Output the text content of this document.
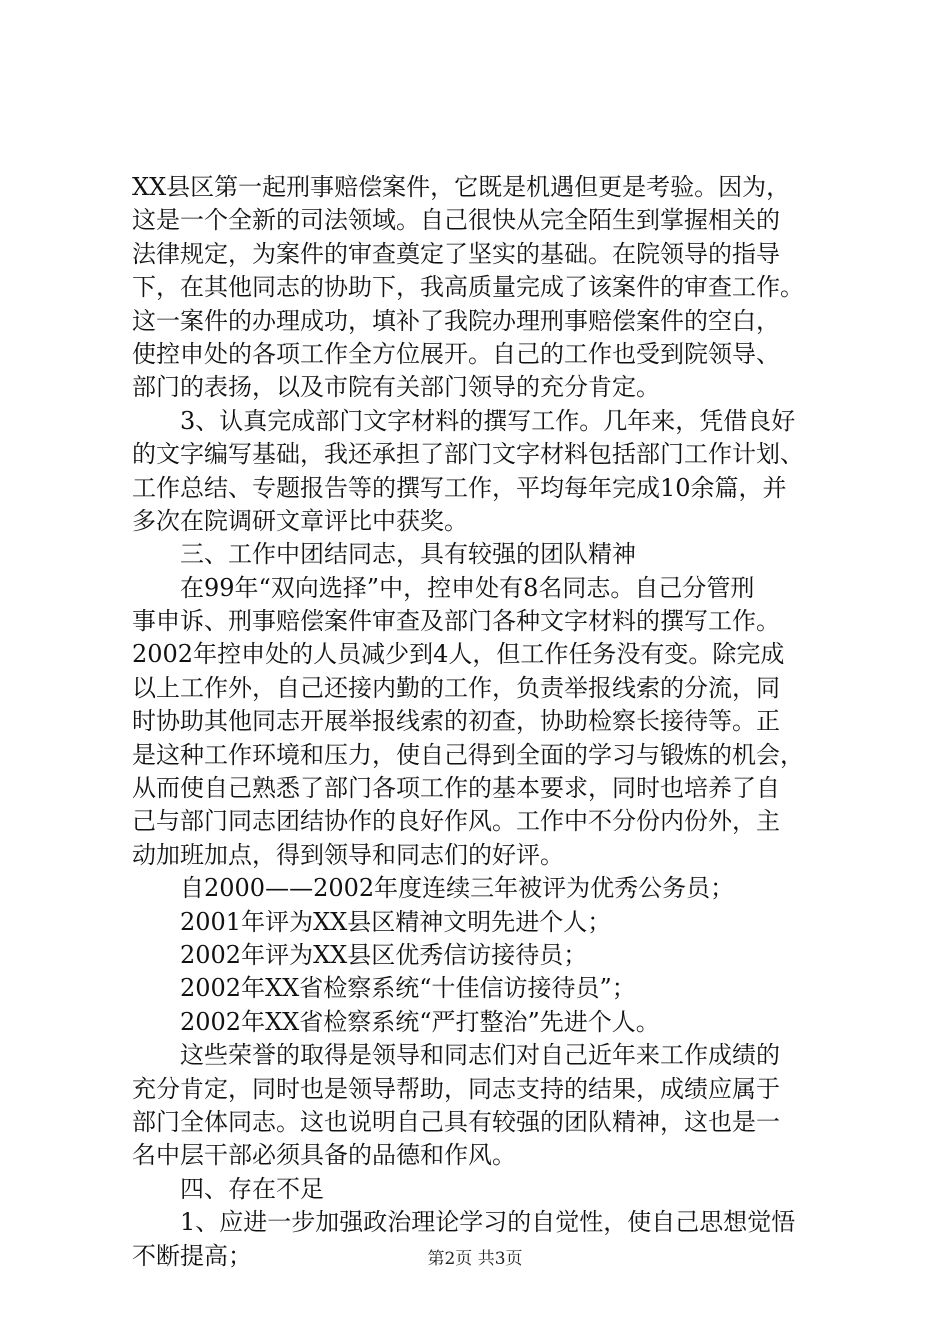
XX县区第一起刑事赔偿案件，它既是机遇但更是考验。因为，
这是一个全新的司法领域。自己很快从完全陌生到掌握相关的
法律规定，为案件的审查奠定了坚实的基础。在院领导的指导
下，在其他同志的协助下，我高质量完成了该案件的审查工作。
这一案件的办理成功，填补了我院办理刑事赔偿案件的空白，
使控申处的各项工作全方位展开。自己的工作也受到院领导、
部门的表扬，以及市院有关部门领导的充分肯定。
　　3、认真完成部门文字材料的撰写工作。几年来，凭借良好
的文字编写基础，我还承担了部门文字材料包括部门工作计划、
工作总结、专题报告等的撰写工作，平均每年完成10余篇，并
多次在院调研文章评比中获奖。
　　三、工作中团结同志，具有较强的团队精神
　　在99年“双向选择”中，控申处有8名同志。自己分管刑
事申诉、刑事赔偿案件审查及部门各种文字材料的撰写工作。
2002年控申处的人员减少到4人，但工作任务没有变。除完成
以上工作外，自己还接内勤的工作，负责举报线索的分流，同
时协助其他同志开展举报线索的初查，协助检察长接待等。正
是这种工作环境和压力，使自己得到全面的学习与锻炼的机会，
从而使自己熟悉了部门各项工作的基本要求，同时也培养了自
己与部门同志团结协作的良好作风。工作中不分份内份外，主
动加班加点，得到领导和同志们的好评。
　　自2000——2002年度连续三年被评为优秀公务员；
　　2001年评为XX县区精神文明先进个人；
　　2002年评为XX县区优秀信访接待员；
　　2002年XX省检察系统“十佳信访接待员”；
　　2002年XX省检察系统“严打整治”先进个人。
　　这些荣誉的取得是领导和同志们对自己近年来工作成绩的
充分肯定，同时也是领导帮助，同志支持的结果，成绩应属于
部门全体同志。这也说明自己具有较强的团队精神，这也是一
名中层干部必须具备的品德和作风。
　　四、存在不足
　　1、应进一步加强政治理论学习的自觉性，使自己思想觉悟
不断提高；	第2页 共3页
